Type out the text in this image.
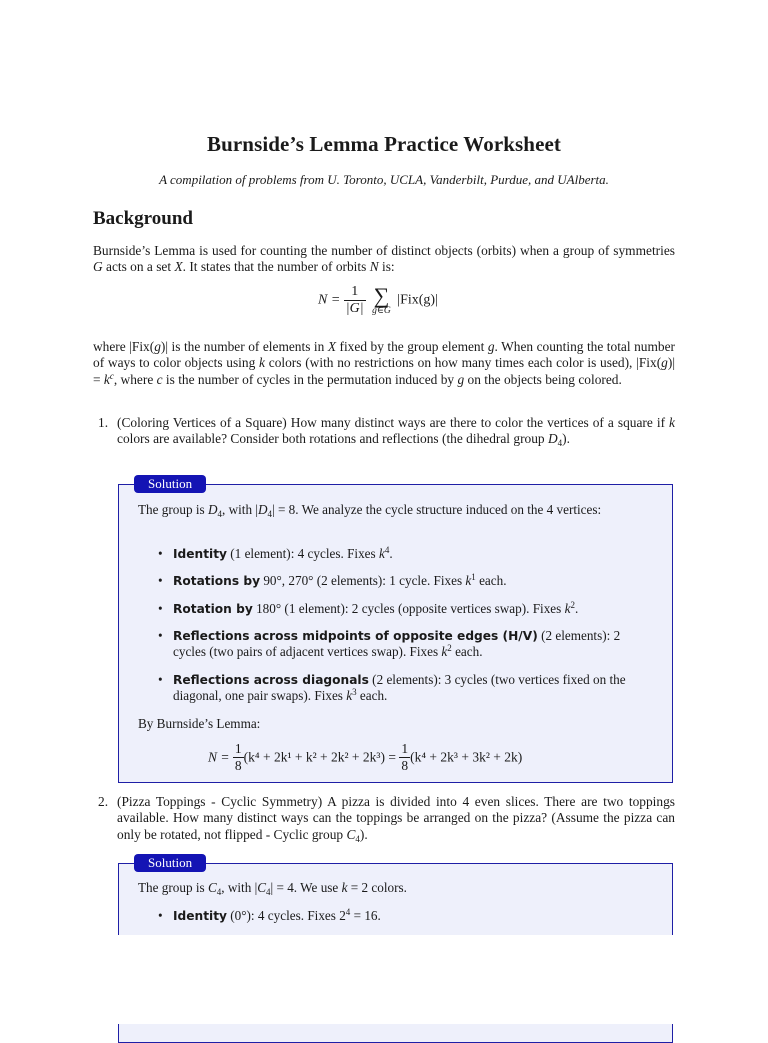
Burnside’s Lemma Practice Worksheet
A compilation of problems from U. Toronto, UCLA, Vanderbilt, Purdue, and UAlberta.
Background
Burnside’s Lemma is used for counting the number of distinct objects (orbits) when a group of symmetries G acts on a set X. It states that the number of orbits N is:
$N = \frac{1}{|G|}$
∑
g∈G
|Fix(g)|
where |Fix(g)| is the number of elements in X fixed by the group element g. When counting the total number of ways to color objects using k colors (with no restrictions on how many times each color is used), $|Fix(g)| = k^c$, where c is the number of cycles in the permutation induced by g on the objects being colored.
1. (Coloring Vertices of a Square) How many distinct ways are there to color the vertices of a square if k colors are available? Consider both rotations and reflections (the dihedral group $D_4$).
Solution
The group is $D_4$, with $|D_4| = 8$. We analyze the cycle structure induced on the 4 vertices:
• Identity (1 element): 4 cycles. Fixes $k^4$.
• Rotations by 90°, 270° (2 elements): 1 cycle. Fixes $k^1$ each.
• Rotation by 180° (1 element): 2 cycles (opposite vertices swap). Fixes $k^2$.
• Reflections across midpoints of opposite edges (H/V) (2 elements): 2 cycles (two pairs of adjacent vertices swap). Fixes $k^2$ each.
• Reflections across diagonals (2 elements): 3 cycles (two vertices fixed on the diagonal, one pair swaps). Fixes $k^3$ each.
By Burnside’s Lemma:
$N = \frac{1}{8} (k^4 + 2k^1 + k^2 + 2k^2 + 2k^3) = \frac{1}{8} (k^4 + 2k^3 + 3k^2 + 2k)$
2. (Pizza Toppings - Cyclic Symmetry) A pizza is divided into 4 even slices. There are two toppings available. How many distinct ways can the toppings be arranged on the pizza? (Assume the pizza can only be rotated, not flipped - Cyclic group $C_4$).
Solution
The group is $C_4$, with $|C_4| = 4$. We use k = 2 colors.
• Identity (0°): 4 cycles. Fixes $2^4 = 16$.
